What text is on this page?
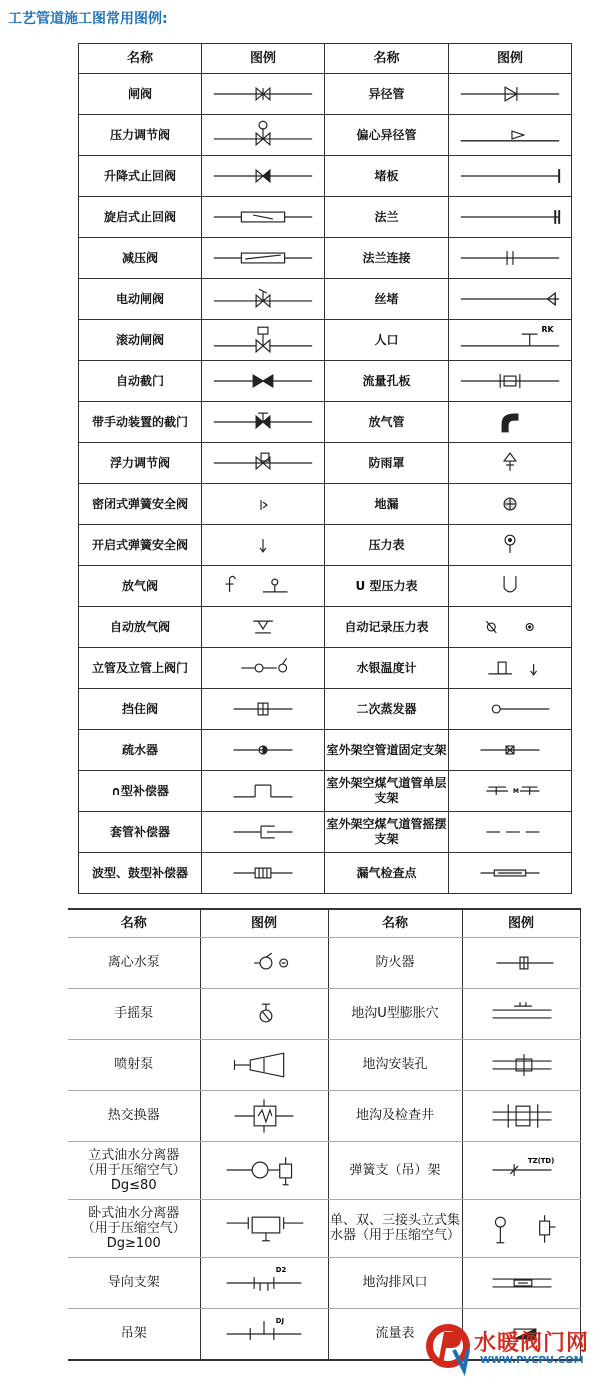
工艺管道施工图常用图例:
名称	图例	名称	图例
闸阀		异径管	

压力调节阀		偏心异径管	

升降式止回阀		堵板	

旋启式止回阀		法兰	

减压阀		法兰连接	

电动闸阀		丝堵	

滚动闸阀		人口	RK

自动截门		流量孔板	

带手动装置的截门		放气管	

浮力调节阀		防雨罩	

密闭式弹簧安全阀		地漏	

开启式弹簧安全阀		压力表	

放气阀		U 型压力表	

自动放气阀		自动记录压力表	

立管及立管上阀门		水银温度计	

挡住阀		二次蒸发器	

疏水器		室外架空管道固定支架	

∩型补偿器		室外架空煤气道管单层支架	M

套管补偿器		室外架空煤气道管摇摆支架	

波型、鼓型补偿器		漏气检查点	
名称	图例	名称	图例
离心水泵		防火器	

手摇泵		地沟U型膨胀穴	

喷射泵		地沟安装孔	

热交换器		地沟及检查井	

立式油水分离器
（用于压缩空气）
Dg≤80		弹簧支（吊）架	TZ(TD)

卧式油水分离器
（用于压缩空气）
Dg≥100		单、双、三接头立式集水器（用于压缩空气）	

导向支架	D2	地沟排风口	

吊架	DJ	流量表		水暖阀门网
WWW.PVCPU.COM
